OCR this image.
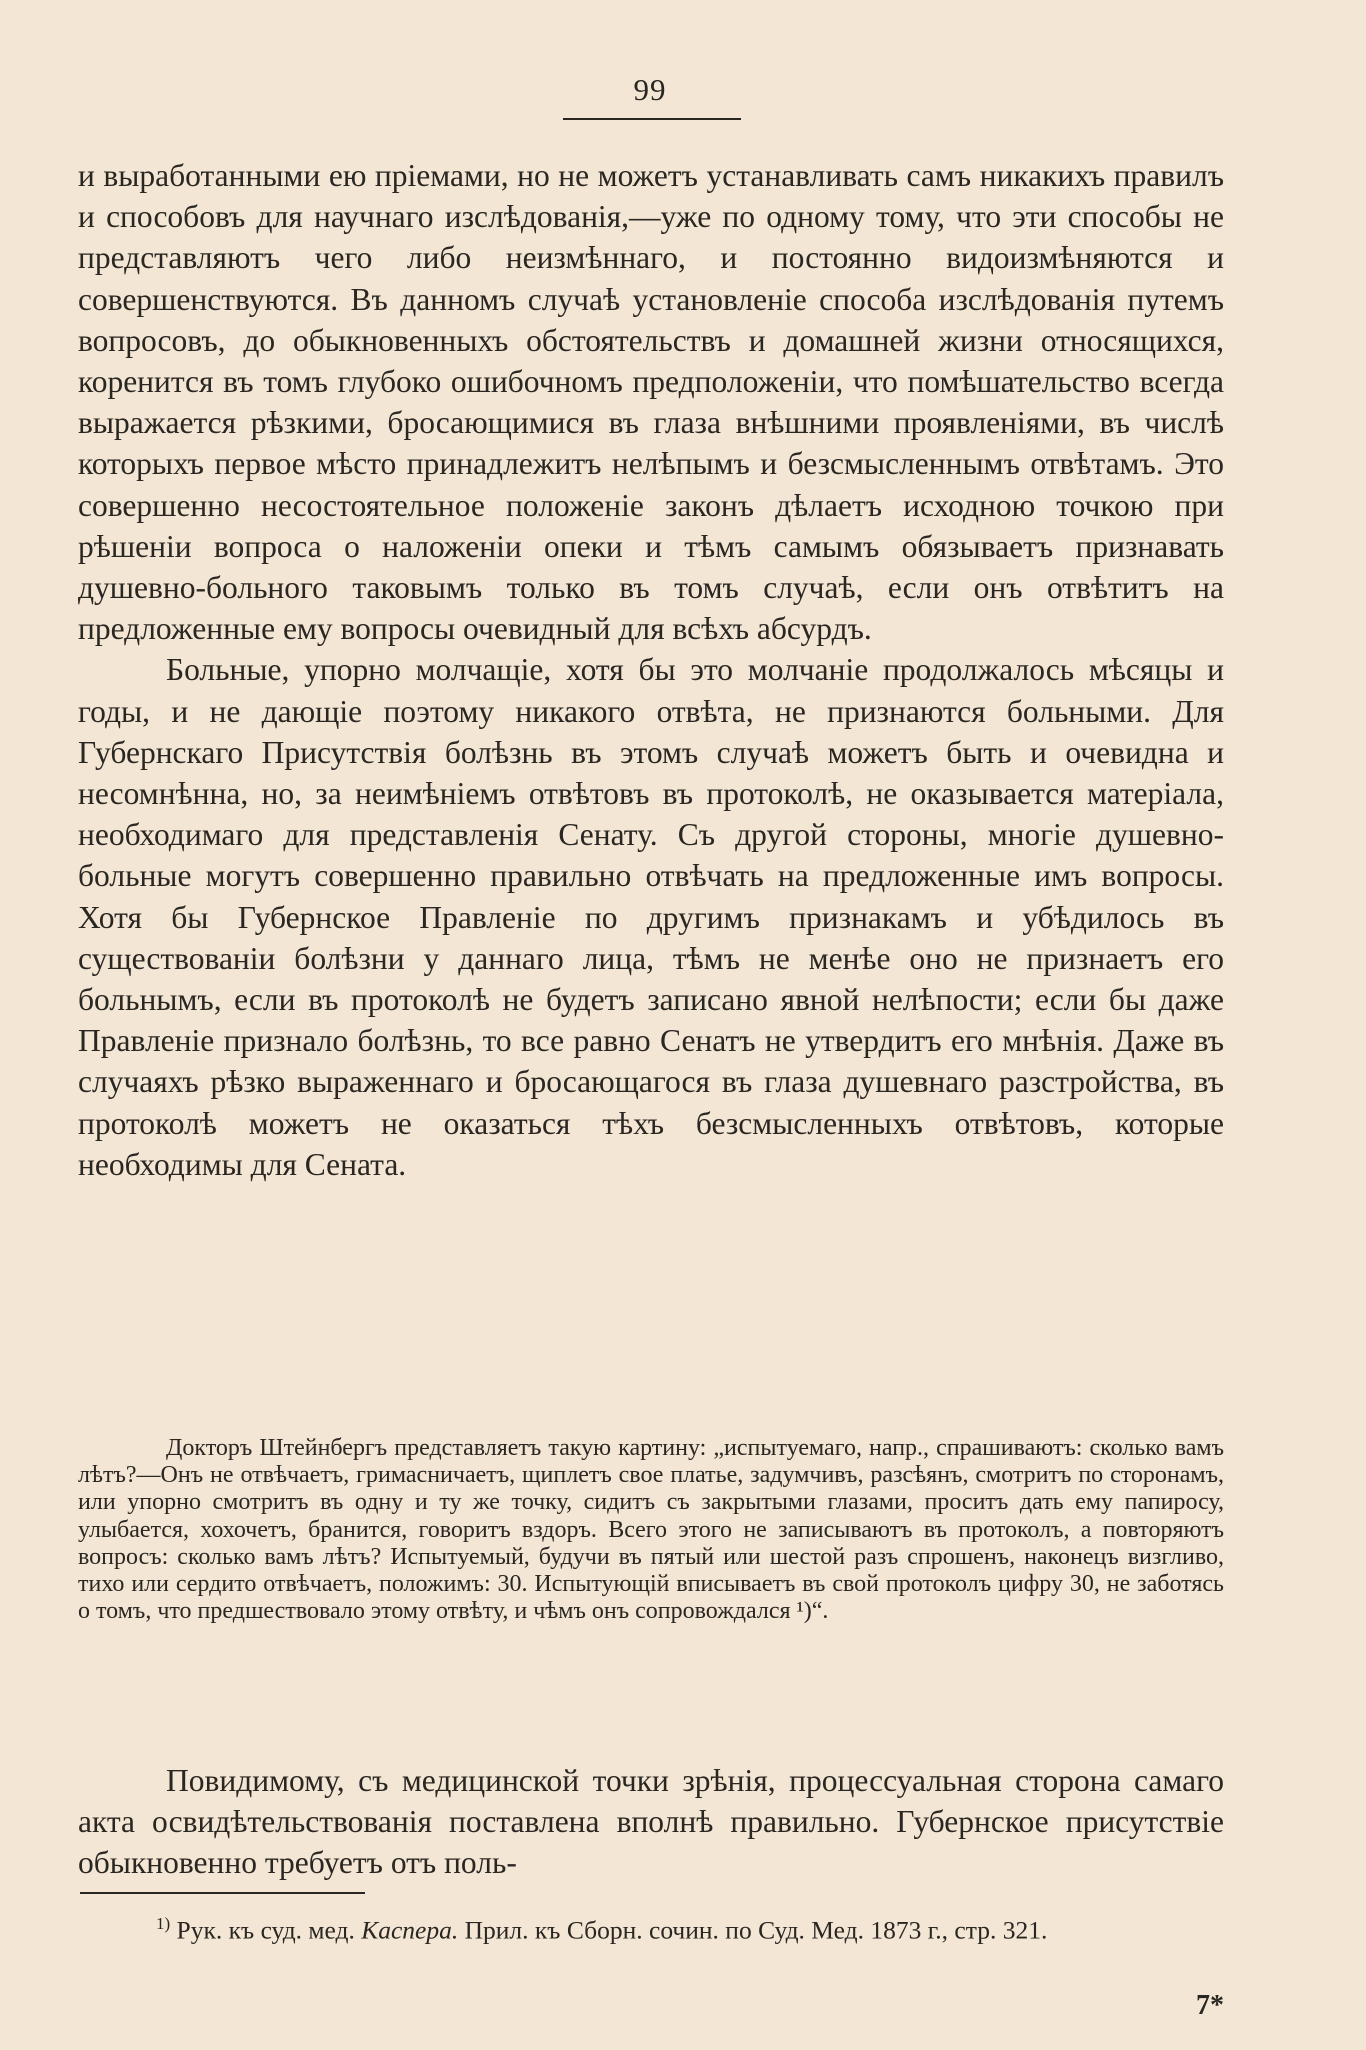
99

и выработанными ею прiемами, но не можетъ устанавливать самъ никакихъ правилъ и способовъ для научнаго изслѣдованiя,—уже по одному тому, что эти способы не представляютъ чего либо неизмѣннаго, и постоянно видоизмѣняются и совершенствуются. Въ данномъ случаѣ установленiе способа изслѣдованiя путемъ вопросовъ, до обыкновенныхъ обстоятельствъ и домашней жизни относящихся, коренится въ томъ глубоко ошибочномъ предположенiи, что помѣшательство всегда выражается рѣзкими, бросающимися въ глаза внѣшними проявленiями, въ числѣ которыхъ первое мѣсто принадлежитъ нелѣпымъ и безсмысленнымъ отвѣтамъ. Это совершенно несостоятельное положенiе законъ дѣлаетъ исходною точкою при рѣшенiи вопроса о наложенiи опеки и тѣмъ самымъ обязываетъ признавать душевно-больного таковымъ только въ томъ случаѣ, если онъ отвѣтитъ на предложенные ему вопросы очевидный для всѣхъ абсурдъ.

Больные, упорно молчащiе, хотя бы это молчанiе продолжалось мѣсяцы и годы, и не дающiе поэтому никакого отвѣта, не признаются больными. Для Губернскаго Присутствiя болѣзнь въ этомъ случаѣ можетъ быть и очевидна и несомнѣнна, но, за неимѣнiемъ отвѣтовъ въ протоколѣ, не оказывается матерiала, необходимаго для представленiя Сенату. Съ другой стороны, многiе душевно-больные могутъ совершенно правильно отвѣчать на предложенные имъ вопросы. Хотя бы Губернское Правленiе по другимъ признакамъ и убѣдилось въ существованiи болѣзни у даннаго лица, тѣмъ не менѣе оно не признаетъ его больнымъ, если въ протоколѣ не будетъ записано явной нелѣпости; если бы даже Правленiе признало болѣзнь, то все равно Сенатъ не утвердитъ его мнѣнiя. Даже въ случаяхъ рѣзко выраженнаго и бросающагося въ глаза душевнаго разстройства, въ протоколѣ можетъ не оказаться тѣхъ безсмысленныхъ отвѣтовъ, которые необходимы для Сената.

Докторъ Штейнбергъ представляетъ такую картину: „испытуемаго, напр., спрашиваютъ: сколько вамъ лѣтъ?—Онъ не отвѣчаетъ, гримасничаетъ, щиплетъ свое платье, задумчивъ, разсѣянъ, смотритъ по сторонамъ, или упорно смотритъ въ одну и ту же точку, сидитъ съ закрытыми глазами, проситъ дать ему папиросу, улыбается, хохочетъ, бранится, говоритъ вздоръ. Всего этого не записываютъ въ протоколъ, а повторяютъ вопросъ: сколько вамъ лѣтъ? Испытуемый, будучи въ пятый или шестой разъ спрошенъ, наконецъ визгливо, тихо или сердито отвѣчаетъ, положимъ: 30. Испытующiй вписываетъ въ свой протоколъ цифру 30, не заботясь о томъ, что предшествовало этому отвѣту, и чѣмъ онъ сопровождался ¹)“.

Повидимому, съ медицинской точки зрѣнiя, процессуальная сторона самаго акта освидѣтельствованiя поставлена вполнѣ правильно. Губернское присутствiе обыкновенно требуетъ отъ поль-

$^{1)}$ Рук. къ суд. мед. Каспера. Прил. къ Сборн. сочин. по Суд. Мед. 1873 г., стр. 321.

7*
